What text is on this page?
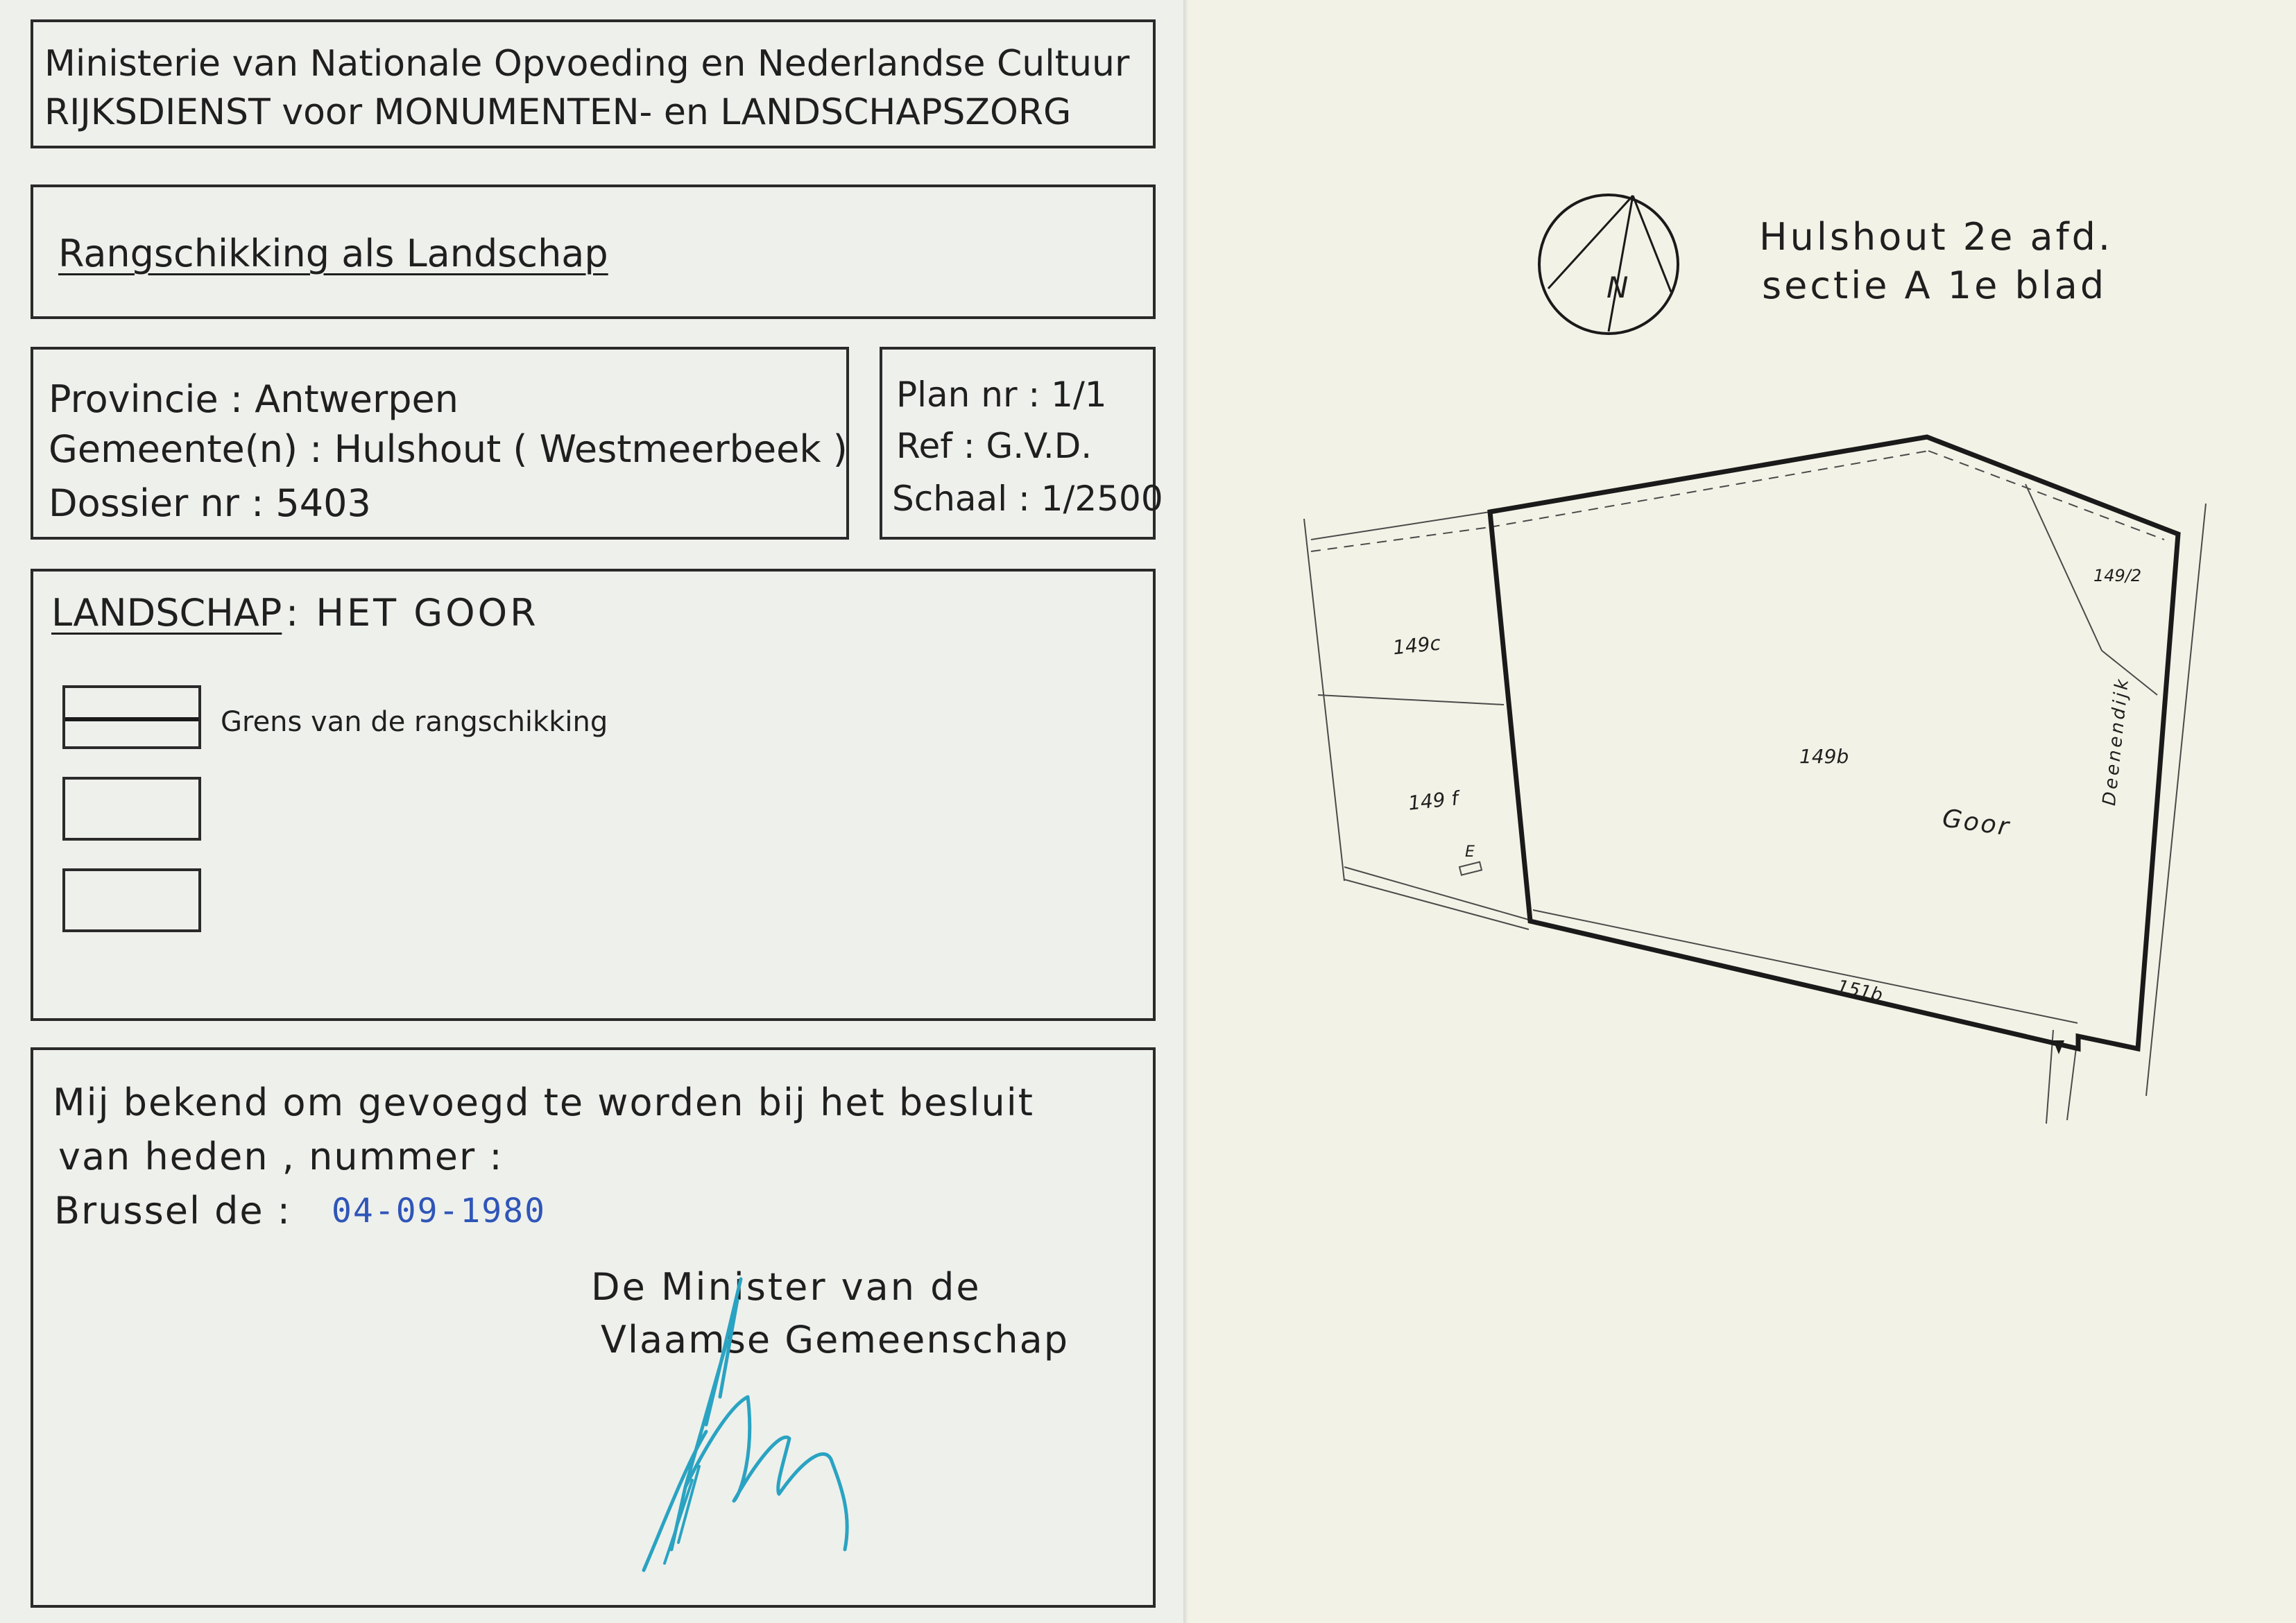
Ministerie van Nationale Opvoeding en Nederlandse Cultuur
RIJKSDIENST voor MONUMENTEN- en LANDSCHAPSZORG
Rangschikking als Landschap
Provincie : Antwerpen
Gemeente(n) : Hulshout ( Westmeerbeek )
Dossier nr : 5403
Plan nr : 1/1
Ref : G.V.D.
Schaal : 1/2500
LANDSCHAP : HET GOOR
Grens van de rangschikking
Mij bekend om gevoegd te worden bij het besluit
van heden , nummer :
Brussel de : 04-09-1980
De Minister van de
Vlaamse Gemeenschap
N
Hulshout 2e afd.
sectie A 1e blad
149c
149 f
149b
149/2
151b
Goor
Deenendijk
E
